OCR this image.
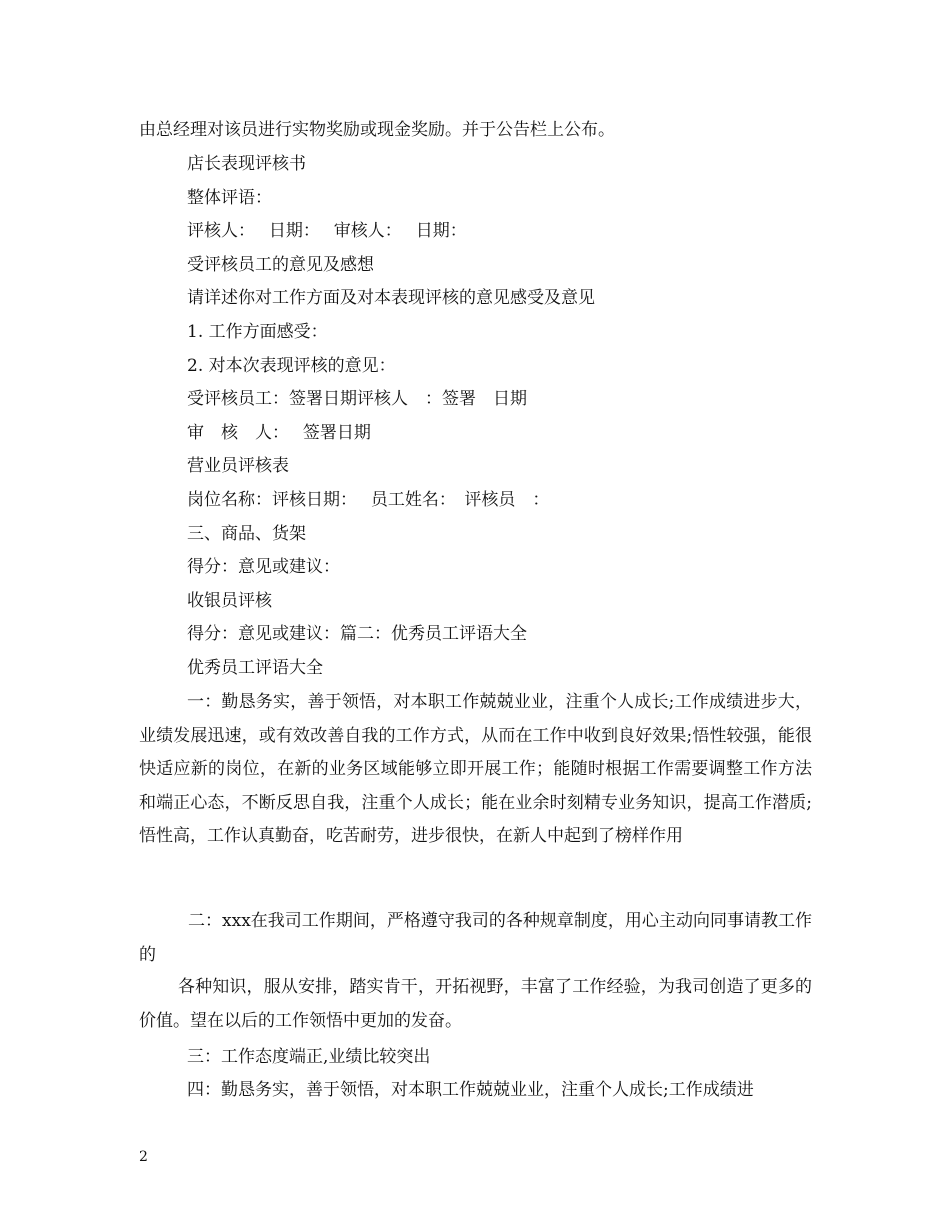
由总经理对该员进行实物奖励或现金奖励。并于公告栏上公布。
店长表现评核书
整体评语：
评核人：　 日期：　 审核人：　 日期：
受评核员工的意见及感想
请详述你对工作方面及对本表现评核的意见感受及意见
1. 工作方面感受：
2. 对本次表现评核的意见：
受评核员工：签署日期评核人　：签署　日期
审　核　人：　 签署日期
营业员评核表
岗位名称：评核日期：　 员工姓名：　评核员　：
三、商品、货架
得分：意见或建议：
收银员评核
得分：意见或建议：篇二：优秀员工评语大全
优秀员工评语大全
一：勤恳务实，善于领悟，对本职工作兢兢业业，注重个人成长;工作成绩进步大，业绩发展迅速，或有效改善自我的工作方式，从而在工作中收到良好效果;悟性较强，能很快适应新的岗位，在新的业务区域能够立即开展工作；能随时根据工作需要调整工作方法和端正心态，不断反思自我，注重个人成长；能在业余时刻精专业务知识，提高工作潜质;悟性高，工作认真勤奋，吃苦耐劳，进步很快，在新人中起到了榜样作用
二：xxx在我司工作期间，严格遵守我司的各种规章制度，用心主动向同事请教工作的
各种知识，服从安排，踏实肯干，开拓视野，丰富了工作经验，为我司创造了更多的价值。望在以后的工作领悟中更加的发奋。
三：工作态度端正,业绩比较突出
四：勤恳务实，善于领悟，对本职工作兢兢业业，注重个人成长;工作成绩进
2
